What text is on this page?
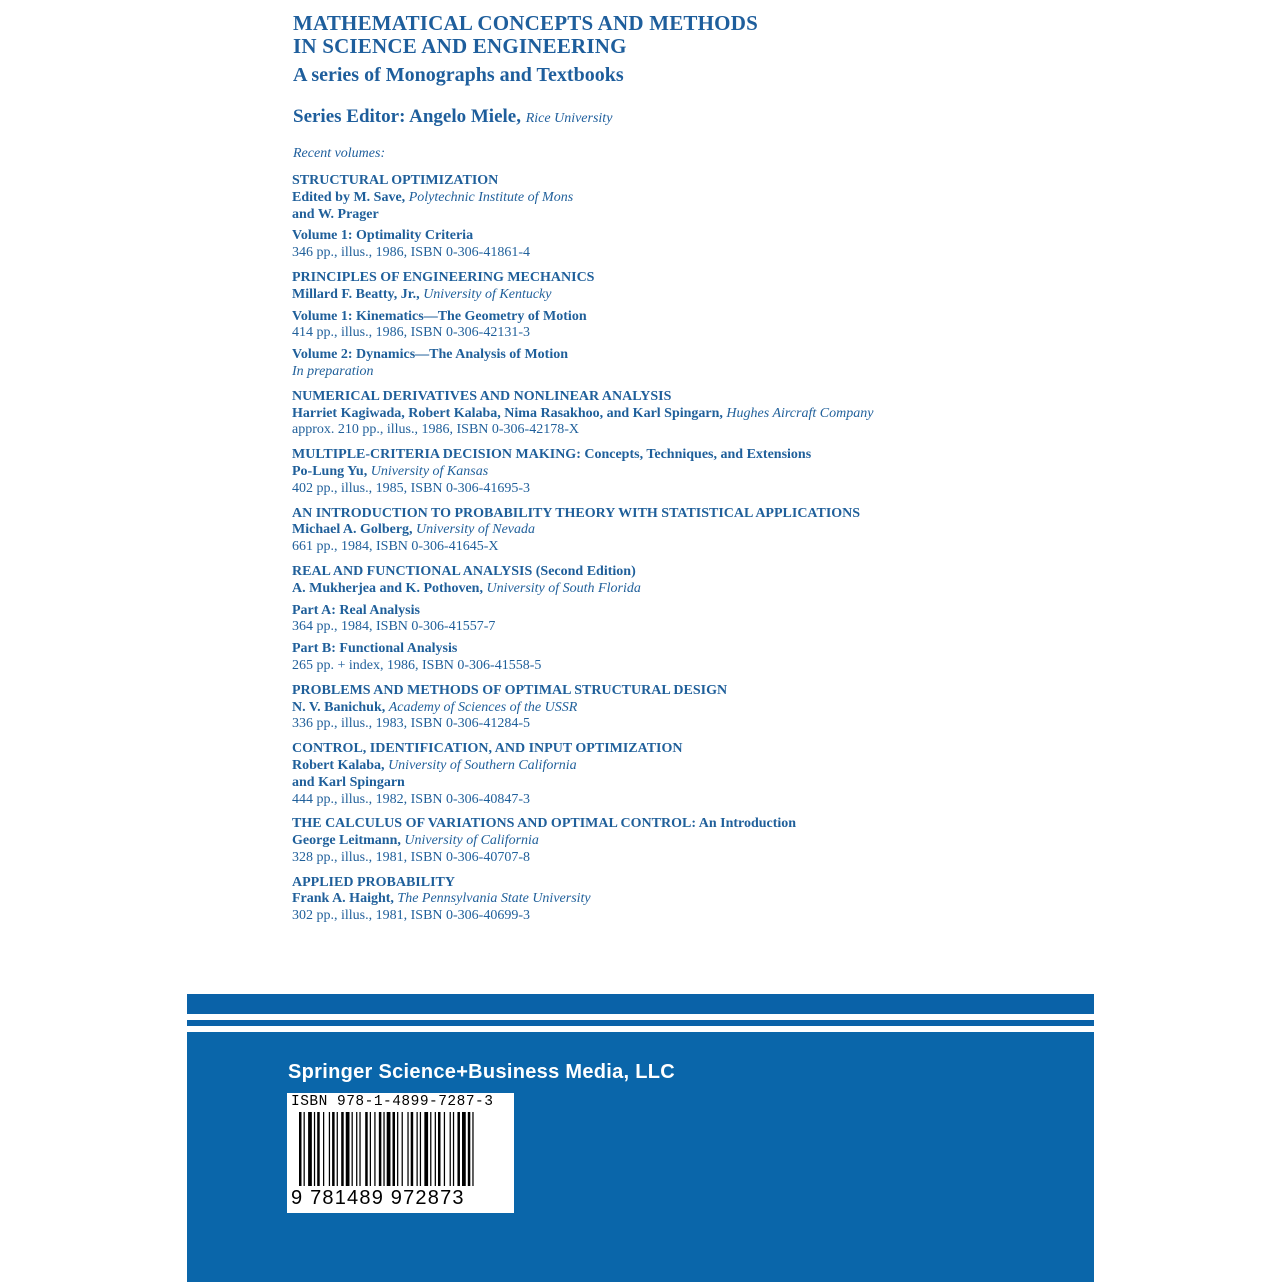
MATHEMATICAL CONCEPTS AND METHODS
IN SCIENCE AND ENGINEERING
A series of Monographs and Textbooks
Series Editor: Angelo Miele, Rice University
Recent volumes:
STRUCTURAL OPTIMIZATION
Edited by M. Save, Polytechnic Institute of Mons
and W. Prager
Volume 1: Optimality Criteria
346 pp., illus., 1986, ISBN 0-306-41861-4
PRINCIPLES OF ENGINEERING MECHANICS
Millard F. Beatty, Jr., University of Kentucky
Volume 1: Kinematics—The Geometry of Motion
414 pp., illus., 1986, ISBN 0-306-42131-3
Volume 2: Dynamics—The Analysis of Motion
In preparation
NUMERICAL DERIVATIVES AND NONLINEAR ANALYSIS
Harriet Kagiwada, Robert Kalaba, Nima Rasakhoo, and Karl Spingarn, Hughes Aircraft Company
approx. 210 pp., illus., 1986, ISBN 0-306-42178-X
MULTIPLE-CRITERIA DECISION MAKING: Concepts, Techniques, and Extensions
Po-Lung Yu, University of Kansas
402 pp., illus., 1985, ISBN 0-306-41695-3
AN INTRODUCTION TO PROBABILITY THEORY WITH STATISTICAL APPLICATIONS
Michael A. Golberg, University of Nevada
661 pp., 1984, ISBN 0-306-41645-X
REAL AND FUNCTIONAL ANALYSIS (Second Edition)
A. Mukherjea and K. Pothoven, University of South Florida
Part A: Real Analysis
364 pp., 1984, ISBN 0-306-41557-7
Part B: Functional Analysis
265 pp. + index, 1986, ISBN 0-306-41558-5
PROBLEMS AND METHODS OF OPTIMAL STRUCTURAL DESIGN
N. V. Banichuk, Academy of Sciences of the USSR
336 pp., illus., 1983, ISBN 0-306-41284-5
CONTROL, IDENTIFICATION, AND INPUT OPTIMIZATION
Robert Kalaba, University of Southern California
and Karl Spingarn
444 pp., illus., 1982, ISBN 0-306-40847-3
THE CALCULUS OF VARIATIONS AND OPTIMAL CONTROL: An Introduction
George Leitmann, University of California
328 pp., illus., 1981, ISBN 0-306-40707-8
APPLIED PROBABILITY
Frank A. Haight, The Pennsylvania State University
302 pp., illus., 1981, ISBN 0-306-40699-3
Springer Science+Business Media, LLC
ISBN 978-1-4899-7287-3
9 781489 972873
